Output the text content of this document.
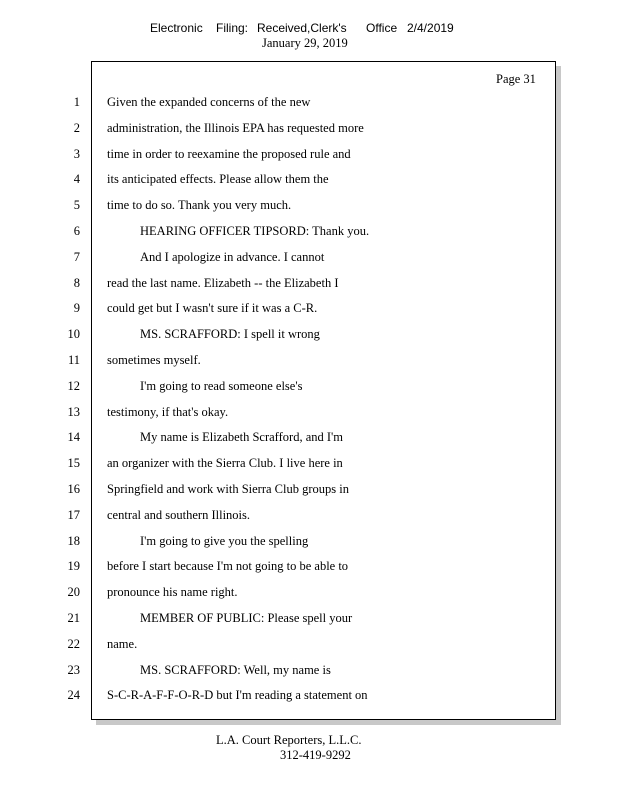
Electronic Filing: Received,Clerk's Office 2/4/2019
January 29, 2019
Page 31
1 Given the expanded concerns of the new
2 administration, the Illinois EPA has requested more
3 time in order to reexamine the proposed rule and
4 its anticipated effects. Please allow them the
5 time to do so. Thank you very much.
6	HEARING OFFICER TIPSORD: Thank you.
7	And I apologize in advance. I cannot
8 read the last name. Elizabeth -- the Elizabeth I
9 could get but I wasn't sure if it was a C-R.
10	MS. SCRAFFORD: I spell it wrong
11 sometimes myself.
12	I'm going to read someone else's
13 testimony, if that's okay.
14	My name is Elizabeth Scrafford, and I'm
15 an organizer with the Sierra Club. I live here in
16 Springfield and work with Sierra Club groups in
17 central and southern Illinois.
18	I'm going to give you the spelling
19 before I start because I'm not going to be able to
20 pronounce his name right.
21	MEMBER OF PUBLIC: Please spell your
22 name.
23	MS. SCRAFFORD: Well, my name is
24 S-C-R-A-F-F-O-R-D but I'm reading a statement on
L.A. Court Reporters, L.L.C.
312-419-9292
